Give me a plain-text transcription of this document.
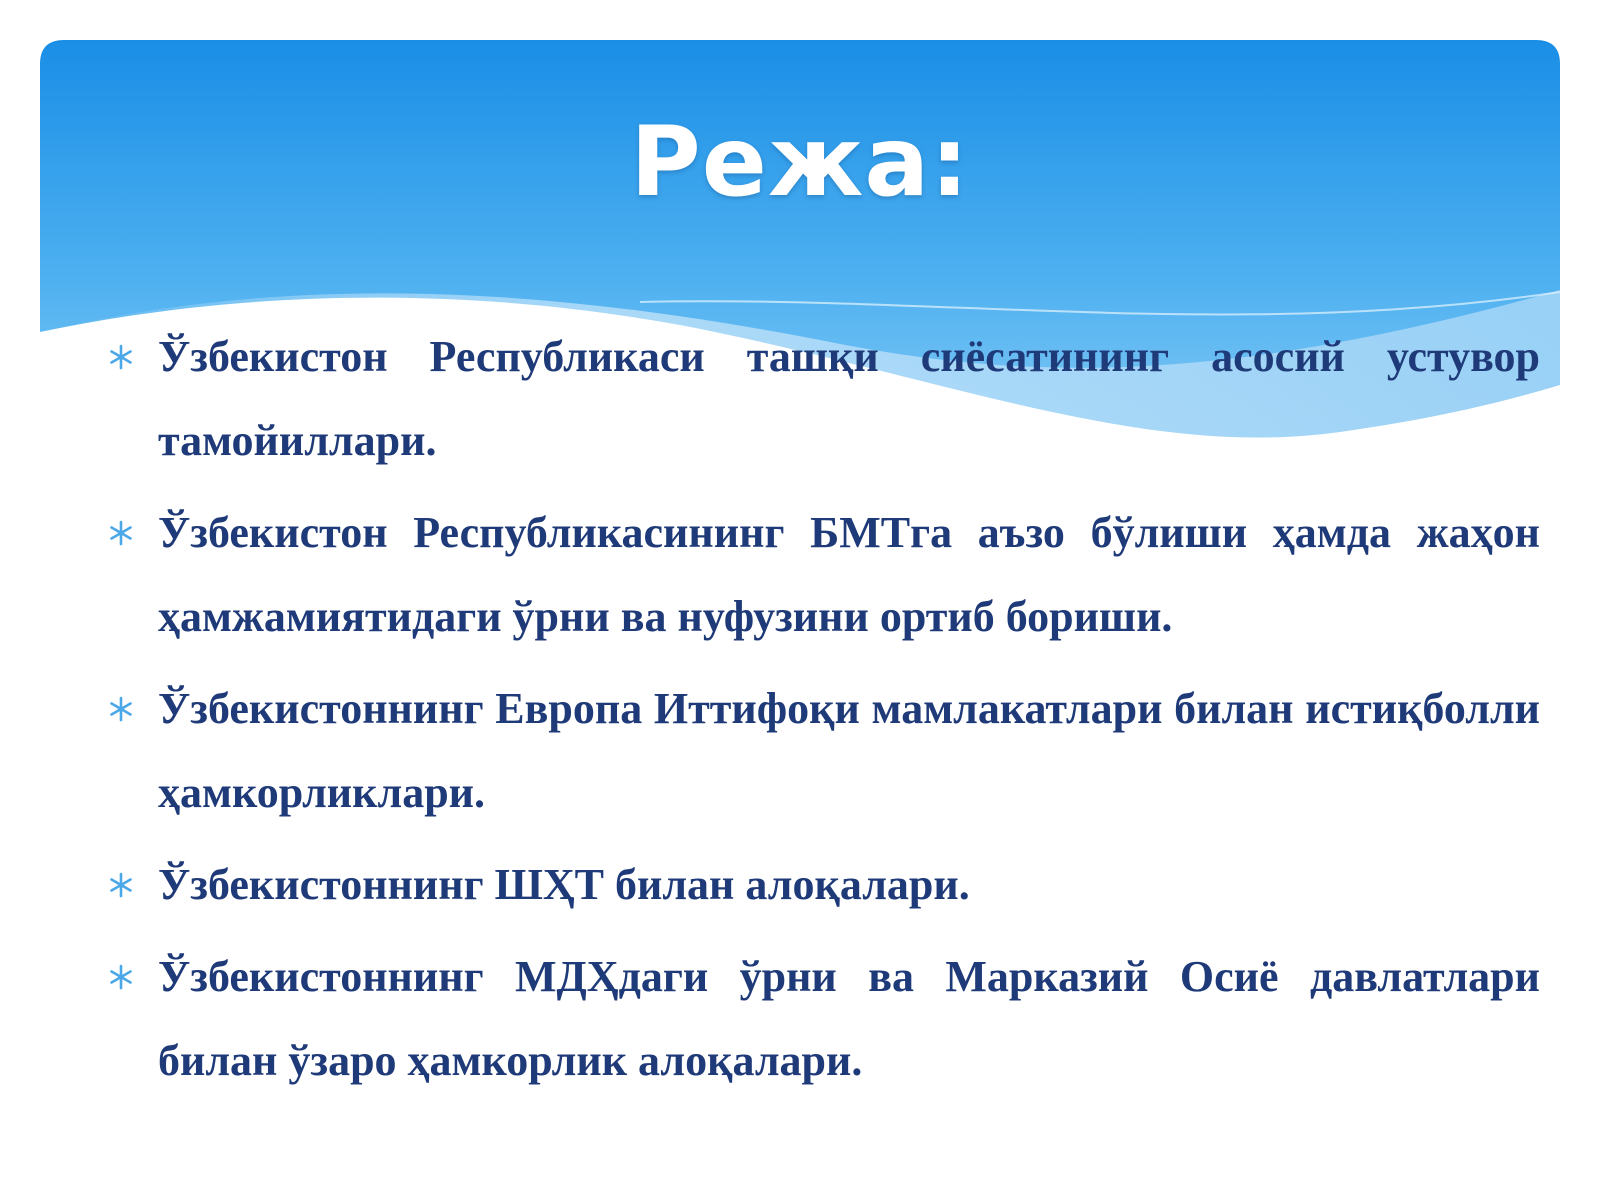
Режа:
Ўзбекистон Республикаси ташқи сиёсатининг асосий устувор тамойиллари.
Ўзбекистон Республикасининг БМТга аъзо бўлиши ҳамда жаҳон ҳамжамиятидаги ўрни ва нуфузини ортиб бориши.
Ўзбекистоннинг Европа Иттифоқи мамлакатлари билан истиқболли ҳамкорликлари.
Ўзбекистоннинг ШҲТ билан алоқалари.
Ўзбекистоннинг МДҲдаги ўрни ва Марказий Осиё давлатлари билан ўзаро ҳамкорлик алоқалари.
